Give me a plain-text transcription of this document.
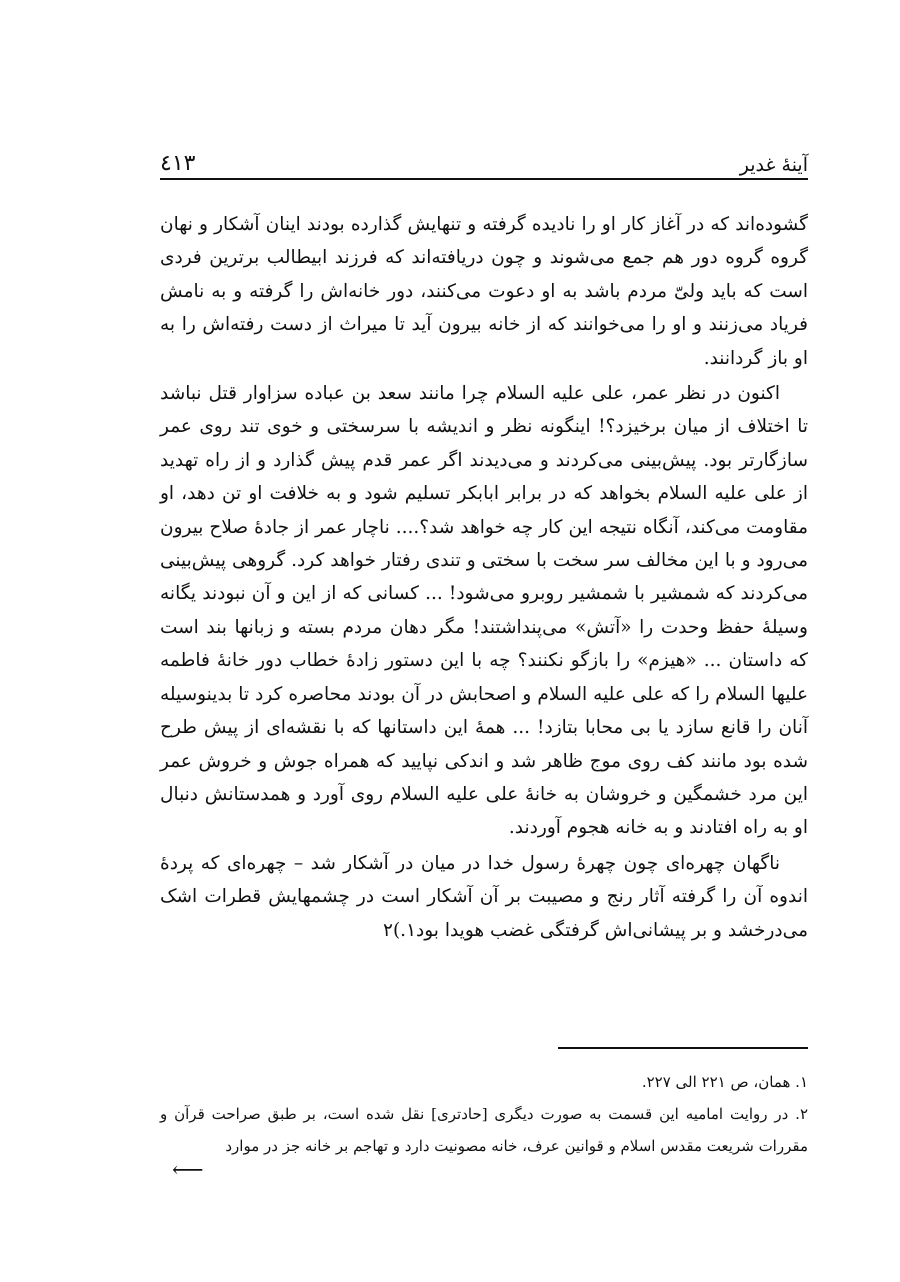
آینهٔ غدیر
٤١٣

گشوده‌اند که در آغاز کار او را نادیده گرفته و تنهایش گذارده بودند اینان آشکار و نهان گروه گروه دور هم جمع می‌شوند و چون دریافته‌اند که فرزند ابیطالب برترین فردی است که باید ولیّ مردم باشد به او دعوت می‌کنند، دور خانه‌اش را گرفته و به نامش فریاد می‌زنند و او را می‌خوانند که از خانه بیرون آید تا میراث از دست رفته‌اش را به او باز گردانند.

اکنون در نظر عمر، علی علیه السلام چرا مانند سعد بن عباده سزاوار قتل نباشد تا اختلاف از میان برخیزد؟! اینگونه نظر و اندیشه با سرسختی و خوی تند روی عمر سازگارتر بود. پیش‌بینی می‌کردند و می‌دیدند اگر عمر قدم پیش گذارد و از راه تهدید از علی علیه السلام بخواهد که در برابر ابابکر تسلیم شود و به خلافت او تن دهد، او مقاومت می‌کند، آنگاه نتیجه این کار چه خواهد شد؟.... ناچار عمر از جادهٔ صلاح بیرون می‌رود و با این مخالف سر سخت با سختی و تندی رفتار خواهد کرد. گروهی پیش‌بینی می‌کردند که شمشیر با شمشیر روبرو می‌شود! ... کسانی که از این و آن نبودند یگانه وسیلهٔ حفظ وحدت را «آتش» می‌پنداشتند! مگر دهان مردم بسته و زبانها بند است که داستان ... «هیزم» را بازگو نکنند؟ چه با این دستور زادهٔ خطاب دور خانهٔ فاطمه علیها السلام را که علی علیه السلام و اصحابش در آن بودند محاصره کرد تا بدینوسیله آنان را قانع سازد یا بی محابا بتازد! ... همهٔ این داستانها که با نقشه‌ای از پیش طرح شده بود مانند کف روی موج ظاهر شد و اندکی نپایید که همراه جوش و خروش عمر این مرد خشمگین و خروشان به خانهٔ علی علیه السلام روی آورد و همدستانش دنبال او به راه افتادند و به خانه هجوم آوردند.

ناگهان چهره‌ای چون چهرهٔ رسول خدا در میان در آشکار شد – چهره‌ای که پردهٔ اندوه آن را گرفته آثار رنج و مصیبت بر آن آشکار است در چشمهایش قطرات اشک می‌درخشد و بر پیشانی‌اش گرفتگی غضب هویدا بود۱.)۲

۱. همان، ص ۲۲۱ الی ۲۲۷.

۲. در روایت امامیه این قسمت به صورت دیگری [حادتری] نقل شده است، بر طبق صراحت قرآن و مقررات شریعت مقدس اسلام و قوانین عرف، خانه مصونیت دارد و تهاجم بر خانه جز در موارد

⟵
